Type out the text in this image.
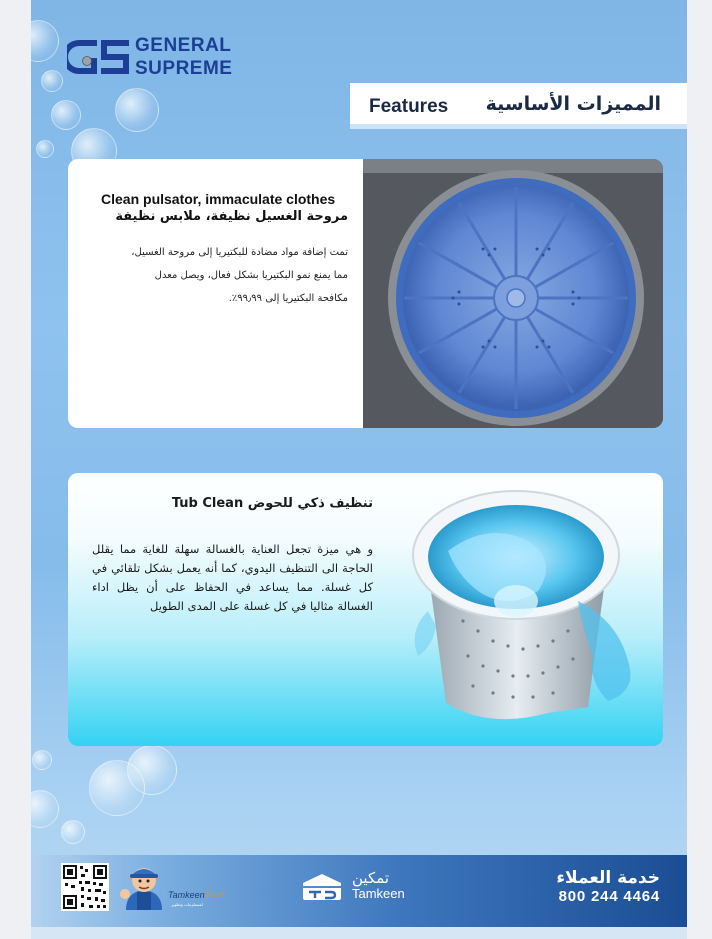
GENERAL
SUPREME
Features المميزات الأساسية
Clean pulsator, immaculate clothes
مروحة الغسيل نظيفة، ملابس نظيفة
تمت إضافة مواد مضادة للبكتيريا إلى مروحة الغسيل،
مما يمنع نمو البكتيريا بشكل فعال، ويصل معدل
مكافحة البكتيريا إلى ٩٩٫٩٩٪.
تنظيف ذكي للحوض Tub Clean
و هي ميزة تجعل العناية بالغسالة سهلة للغاية مما يقلل الحاجة الى التنظيف اليدوي، كما أنه يعمل بشكل تلقائي في كل غسلة. مما يساعد في الحفاظ على أن يظل اداء الغسالة مثاليا في كل غسلة على المدى الطويل
TamkeenTech
لمستلزمات وتطوير
تمكين
Tamkeen
خدمة العملاء
800 244 4464
